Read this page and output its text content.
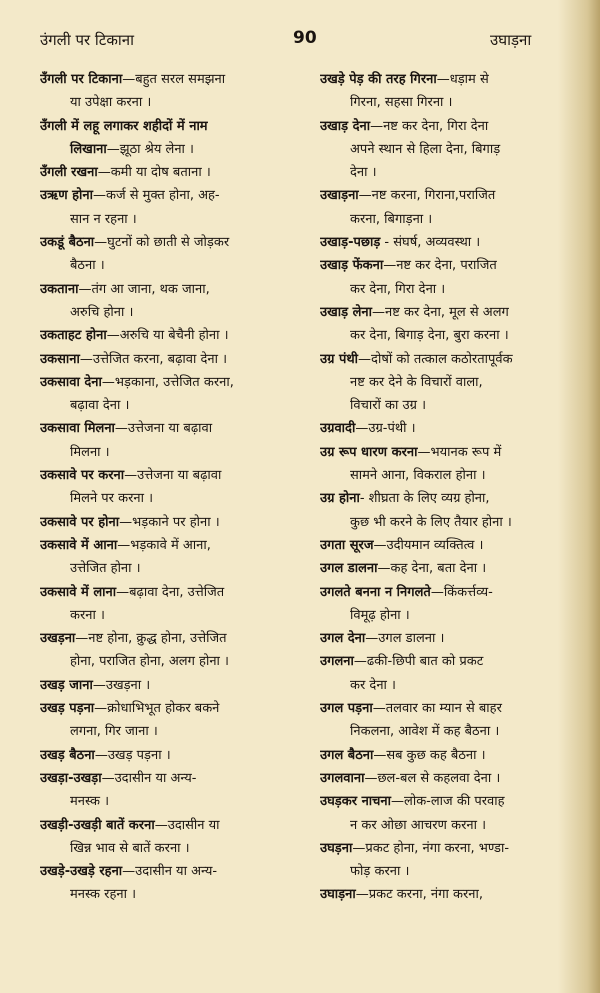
उंगली पर टिकाना	90	उघाड़ना
उँगली पर टिकाना—बहुत सरल समझना
या उपेक्षा करना ।
उँगली में लहू लगाकर शहीदों में नाम
लिखाना—झूठा श्रेय लेना ।
उँगली रखना—कमी या दोष बताना ।
उऋण होना—कर्ज से मुक्त होना, अह-
सान न रहना ।
उकडूं बैठना—घुटनों को छाती से जोड़कर
बैठना ।
उकताना—तंग आ जाना, थक जाना,
अरुचि होना ।
उकताहट होना—अरुचि या बेचैनी होना ।
उकसाना—उत्तेजित करना, बढ़ावा देना ।
उकसावा देना—भड़काना, उत्तेजित करना,
बढ़ावा देना ।
उकसावा मिलना—उत्तेजना या बढ़ावा
मिलना ।
उकसावे पर करना—उत्तेजना या बढ़ावा
मिलने पर करना ।
उकसावे पर होना—भड़काने पर होना ।
उकसावे में आना—भड़कावे में आना,
उत्तेजित होना ।
उकसावे में लाना—बढ़ावा देना, उत्तेजित
करना ।
उखड़ना—नष्ट होना, क्रुद्ध होना, उत्तेजित
होना, पराजित होना, अलग होना ।
उखड़ जाना—उखड़ना ।
उखड़ पड़ना—क्रोधाभिभूत होकर बकने
लगना, गिर जाना ।
उखड़ बैठना—उखड़ पड़ना ।
उखड़ा-उखड़ा—उदासीन या अन्य-
मनस्क ।
उखड़ी-उखड़ी बातें करना—उदासीन या
खिन्न भाव से बातें करना ।
उखड़े-उखड़े रहना—उदासीन या अन्य-
मनस्क रहना ।
उखड़े पेड़ की तरह गिरना—धड़ाम से
गिरना, सहसा गिरना ।
उखाड़ देना—नष्ट कर देना, गिरा देना
अपने स्थान से हिला देना, बिगाड़
देना ।
उखाड़ना—नष्ट करना, गिराना,पराजित
करना, बिगाड़ना ।
उखाड़-पछाड़ - संघर्ष, अव्यवस्था ।
उखाड़ फेंकना—नष्ट कर देना, पराजित
कर देना, गिरा देना ।
उखाड़ लेना—नष्ट कर देना, मूल से अलग
कर देना, बिगाड़ देना, बुरा करना ।
उग्र पंथी—दोषों को तत्काल कठोरतापूर्वक
नष्ट कर देने के विचारों वाला,
विचारों का उग्र ।
उग्रवादी—उग्र-पंथी ।
उग्र रूप धारण करना—भयानक रूप में
सामने आना, विकराल होना ।
उग्र होना- शीघ्रता के लिए व्यग्र होना,
कुछ भी करने के लिए तैयार होना ।
उगता सूरज—उदीयमान व्यक्तित्व ।
उगल डालना—कह देना, बता देना ।
उगलते बनना न निगलते—किंकर्त्तव्य-
विमूढ़ होना ।
उगल देना—उगल डालना ।
उगलना—ढकी-छिपी बात को प्रकट
कर देना ।
उगल पड़ना—तलवार का म्यान से बाहर
निकलना, आवेश में कह बैठना ।
उगल बैठना—सब कुछ कह बैठना ।
उगलवाना—छल-बल से कहलवा देना ।
उघड़कर नाचना—लोक-लाज की परवाह
न कर ओछा आचरण करना ।
उघड़ना—प्रकट होना, नंगा करना, भण्डा-
फोड़ करना ।
उघाड़ना—प्रकट करना, नंगा करना,
